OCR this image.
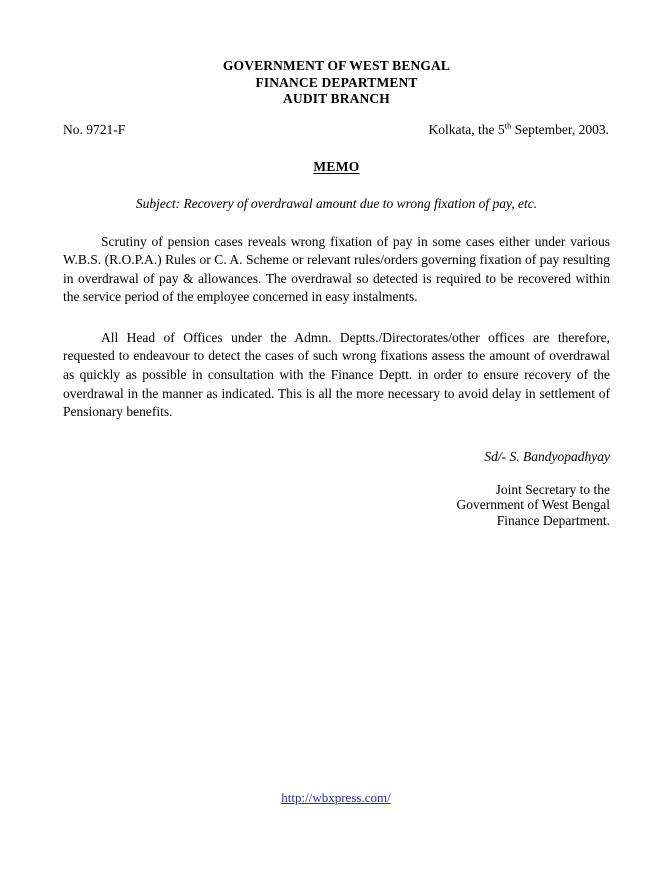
GOVERNMENT OF WEST BENGAL
FINANCE DEPARTMENT
AUDIT BRANCH
No. 9721-F	Kolkata, the 5th September, 2003.
MEMO
Subject: Recovery of overdrawal amount due to wrong fixation of pay, etc.

Scrutiny of pension cases reveals wrong fixation of pay in some cases either under various W.B.S. (R.O.P.A.) Rules or C. A. Scheme or relevant rules/orders governing fixation of pay resulting in overdrawal of pay & allowances. The overdrawal so detected is required to be recovered within the service period of the employee concerned in easy instalments.

All Head of Offices under the Admn. Deptts./Directorates/other offices are therefore, requested to endeavour to detect the cases of such wrong fixations assess the amount of overdrawal as quickly as possible in consultation with the Finance Deptt. in order to ensure recovery of the overdrawal in the manner as indicated. This is all the more necessary to avoid delay in settlement of Pensionary benefits.

Sd/- S. Bandyopadhyay
Joint Secretary to the
Government of West Bengal
Finance Department.
http://wbxpress.com/
